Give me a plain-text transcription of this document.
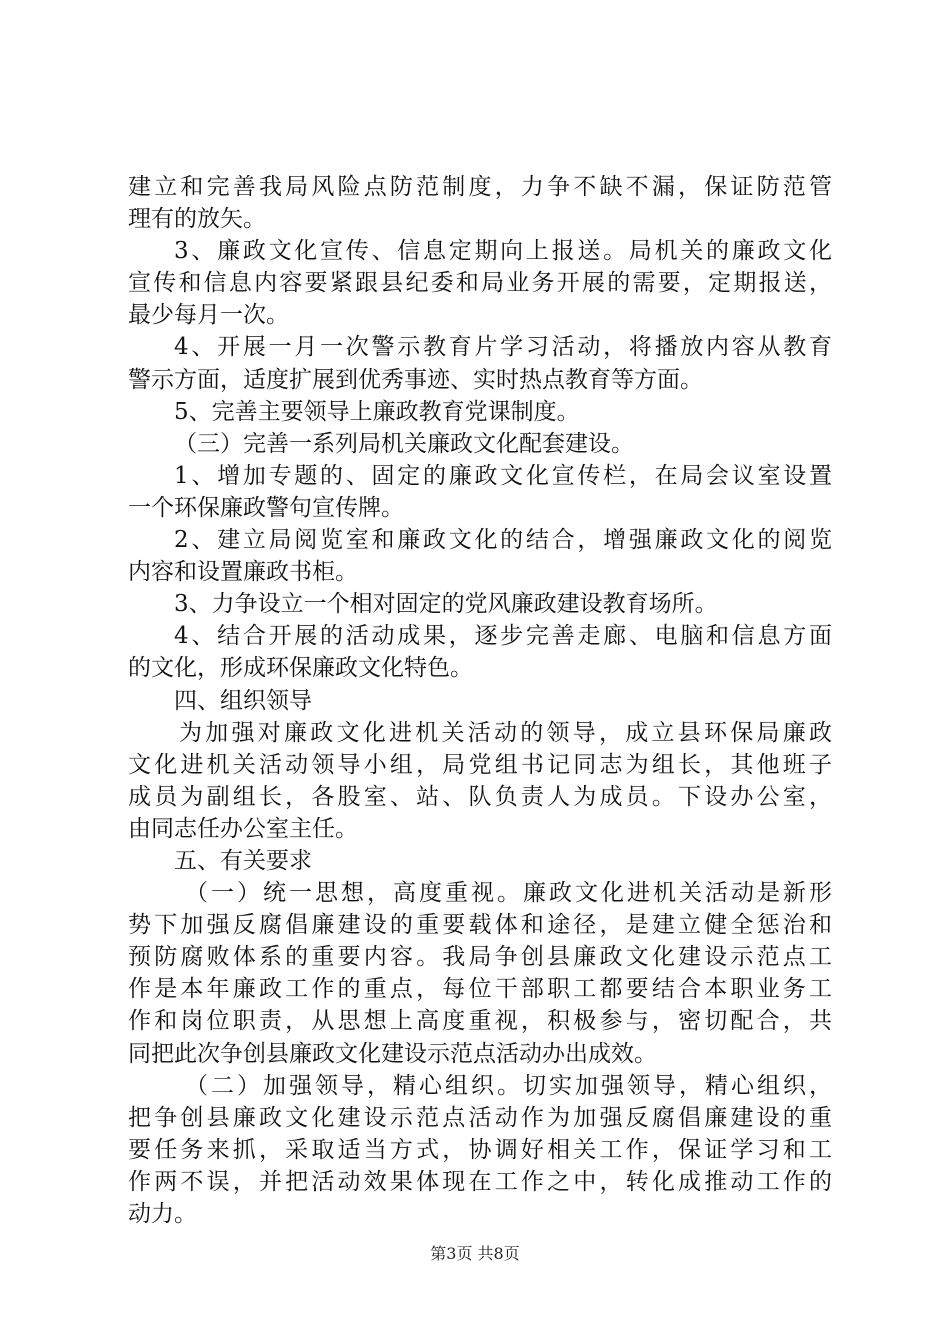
建立和完善我局风险点防范制度，力争不缺不漏，保证防范管
理有的放矢。
3、廉政文化宣传、信息定期向上报送。局机关的廉政文化
宣传和信息内容要紧跟县纪委和局业务开展的需要，定期报送，
最少每月一次。
4、开展一月一次警示教育片学习活动，将播放内容从教育
警示方面，适度扩展到优秀事迹、实时热点教育等方面。
5、完善主要领导上廉政教育党课制度。
（三）完善一系列局机关廉政文化配套建设。
1、增加专题的、固定的廉政文化宣传栏，在局会议室设置
一个环保廉政警句宣传牌。
2、建立局阅览室和廉政文化的结合，增强廉政文化的阅览
内容和设置廉政书柜。
3、力争设立一个相对固定的党风廉政建设教育场所。
4、结合开展的活动成果，逐步完善走廊、电脑和信息方面
的文化，形成环保廉政文化特色。
四、组织领导
为加强对廉政文化进机关活动的领导，成立县环保局廉政
文化进机关活动领导小组，局党组书记同志为组长，其他班子
成员为副组长，各股室、站、队负责人为成员。下设办公室，
由同志任办公室主任。
五、有关要求
（一）统一思想，高度重视。廉政文化进机关活动是新形
势下加强反腐倡廉建设的重要载体和途径，是建立健全惩治和
预防腐败体系的重要内容。我局争创县廉政文化建设示范点工
作是本年廉政工作的重点，每位干部职工都要结合本职业务工
作和岗位职责，从思想上高度重视，积极参与，密切配合，共
同把此次争创县廉政文化建设示范点活动办出成效。
（二）加强领导，精心组织。切实加强领导，精心组织，
把争创县廉政文化建设示范点活动作为加强反腐倡廉建设的重
要任务来抓，采取适当方式，协调好相关工作，保证学习和工
作两不误，并把活动效果体现在工作之中，转化成推动工作的
动力。
第3页 共8页
